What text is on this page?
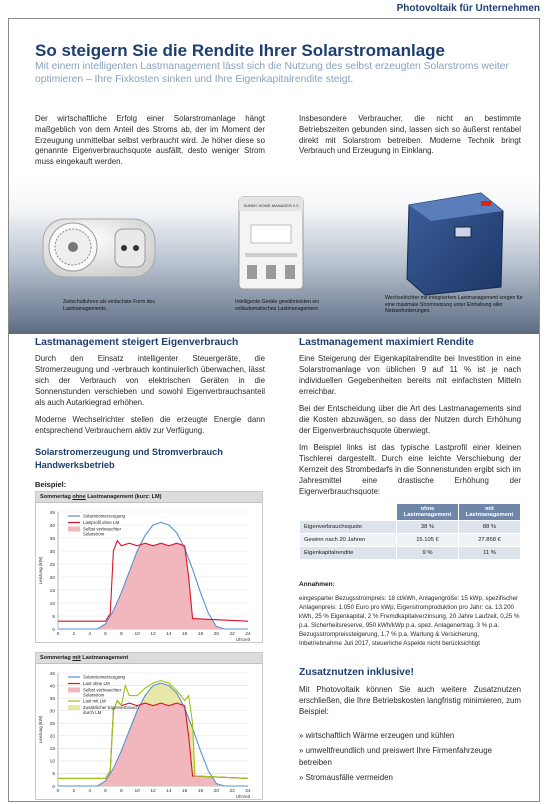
Photovoltaik für Unternehmen
So steigern Sie die Rendite Ihrer Solarstromanlage
Mit einem intelligenten Lastmanagement lässt sich die Nutzung des selbst erzeugten Solarstroms weiter optimieren – Ihre Fixkosten sinken und Ihre Eigenkapitalrendite steigt.
Der wirtschaftliche Erfolg einer Solarstromanlage hängt maßgeblich von dem Anteil des Stroms ab, der im Moment der Erzeugung unmittelbar selbst verbraucht wird. Je höher diese so genannte Eigenverbrauchsquote ausfällt, desto weniger Strom muss eingekauft werden.
Insbesondere Verbraucher, die nicht an bestimmte Betriebszeiten gebunden sind, lassen sich so äußerst rentabel direkt mit Solarstrom betreiben. Moderne Technik bringt Verbrauch und Erzeugung in Einklang.
SUNNY HOME MANAGER 2.0
Zeitschaltuhren als einfachste Form des Lastmanagements.
Intelligente Geräte gewährleisten ein vollautomatisches Lastmanagement.
Wechselrichter mit integriertem Lastmanagement sorgen für eine maximale Stromnutzung unter Einhaltung aller Netzanforderungen.
Lastmanagement steigert Eigenverbrauch

Durch den Einsatz intelligenter Steuergeräte, die Stromerzeugung und -verbrauch kontinuierlich überwachen, lässt sich der Verbrauch von elektrischen Geräten in die Sonnenstunden verschieben und sowohl Eigenverbrauchsanteil als auch Autarkiegrad erhöhen.

Moderne Wechselrichter stellen die erzeugte Energie dann entsprechend Verbrauchern aktiv zur Verfügung.

Solarstromerzeugung und Stromverbrauch Handwerksbetrieb
Beispiel:
Sommertag ohne Lastmanagement (kurz: LM)
0
5
10
15
20
25
30
35
40
45
0	2	4	6	8 10 12 14 16 18 20 22 24
Leistung (kW)
Uhrzeit
Solarstromerzeugung
Lastprofil ohne LM
Selbst verbrauchter
Solarstrom
Sommertag mit Lastmanagement
0
5
10
15
20
25
30
35
40
45
0	2	4	6	8 10 12 14 16 18 20 22 24
Leistung (kW)
Uhrzeit
Solarstromerzeugung
Last ohne LM
Selbst verbrauchter
Solarstrom
Last mit LM
Zusätzlicher Eigenverbrauch
durch LM
Lastmanagement maximiert Rendite

Eine Steigerung der Eigenkapitalrendite bei Investition in eine Solarstromanlage von üblichen 9 auf 11 % ist je nach individuellen Gegebenheiten bereits mit einfachsten Mitteln erreichbar.

Bei der Entscheidung über die Art des Lastmanagements sind die Kosten abzuwägen, so dass der Nutzen durch Erhöhung der Eigenverbrauchsquote überwiegt.

Im Beispiel links ist das typische Lastprofil einer kleinen Tischlerei dargestellt. Durch eine leichte Verschiebung der Kernzeit des Strombedarfs in die Sonnenstunden ergibt sich im Jahresmittel eine drastische Erhöhung der Eigenverbrauchsquote:

	ohne Lastmanagement	mit Lastmanagement
Eigenverbrauchsquote	38 %	88 %
Gewinn nach 20 Jahren	15.105 €	27.858 €
Eigenkapitalrendite	9 %	11 %
Annahmen:
eingesparter Bezugsstrompreis: 18 ct/kWh, Anlagengröße: 15 kWp, spezifischer Anlagenpreis: 1.050 Euro pro kWp, Eigenstromproduktion pro Jahr: ca. 13.200 kWh, 25 % Eigenkapital, 2 % Fremdkapitalverzinsung, 20 Jahre Laufzeit, 0,25 % p.a. Sicherheitsreserve, 950 kWh/kWp p.a. spez. Anlagenertrag, 3 % p.a. Bezugsstrompreissteigerung, 1,7 % p.a. Wartung & Versicherung, Inbetriebnahme Juli 2017, steuerliche Aspekte nicht berücksichtigt
Zusatznutzen inklusive!
Mit Photovoltaik können Sie auch weitere Zusatznutzen erschließen, die Ihre Betriebskosten langfristig minimieren, zum Beispiel:
» wirtschaftlich Wärme erzeugen und kühlen
» umweltfreundlich und preiswert Ihre Firmenfahrzeuge betreiben
» Stromausfälle vermeiden
